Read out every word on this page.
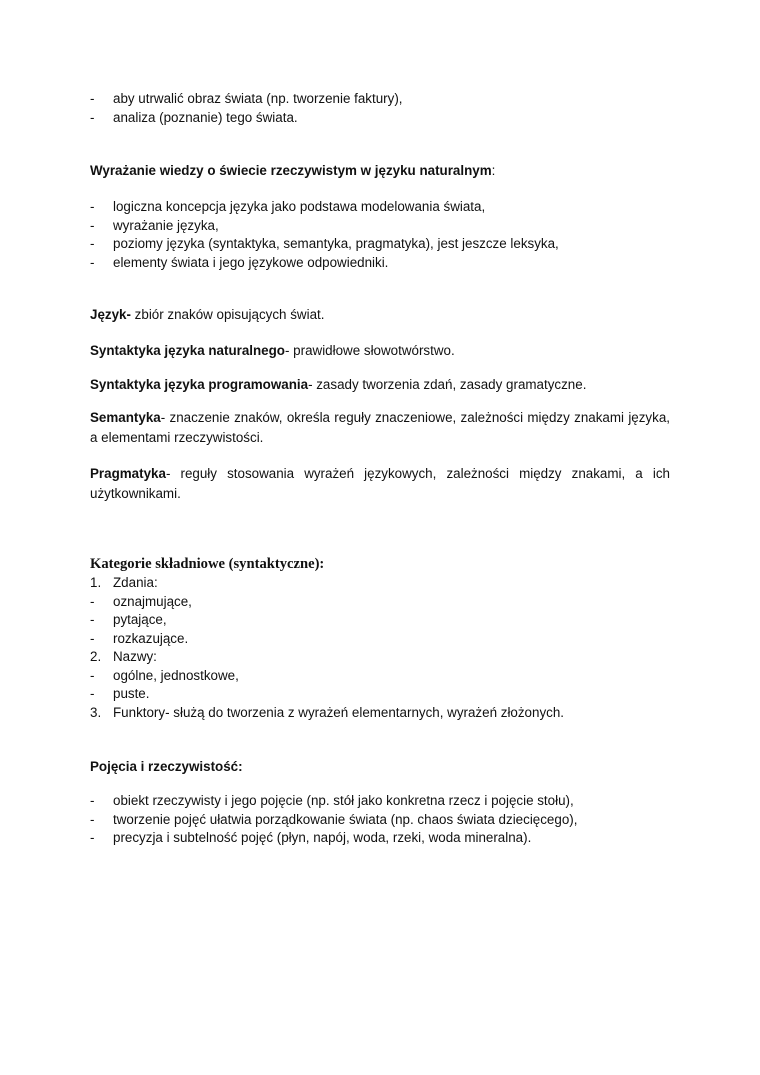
- aby utrwalić obraz świata (np. tworzenie faktury),
- analiza (poznanie) tego świata.
Wyrażanie wiedzy o świecie rzeczywistym w języku naturalnym:
- logiczna koncepcja języka jako podstawa modelowania świata,
- wyrażanie języka,
- poziomy języka (syntaktyka, semantyka, pragmatyka), jest jeszcze leksyka,
- elementy świata i jego językowe odpowiedniki.
Język- zbiór znaków opisujących świat.
Syntaktyka języka naturalnego- prawidłowe słowotwórstwo.
Syntaktyka języka programowania- zasady tworzenia zdań, zasady gramatyczne.
Semantyka- znaczenie znaków, określa reguły znaczeniowe, zależności między znakami języka, a elementami rzeczywistości.
Pragmatyka- reguły stosowania wyrażeń językowych, zależności między znakami, a ich użytkownikami.
Kategorie składniowe (syntaktyczne):
1. Zdania:
- oznajmujące,
- pytające,
- rozkazujące.
2. Nazwy:
- ogólne, jednostkowe,
- puste.
3. Funktory- służą do tworzenia z wyrażeń elementarnych, wyrażeń złożonych.
Pojęcia i rzeczywistość:
- obiekt rzeczywisty i jego pojęcie (np. stół jako konkretna rzecz i pojęcie stołu),
- tworzenie pojęć ułatwia porządkowanie świata (np. chaos świata dziecięcego),
- precyzja i subtelność pojęć (płyn, napój, woda, rzeki, woda mineralna).
